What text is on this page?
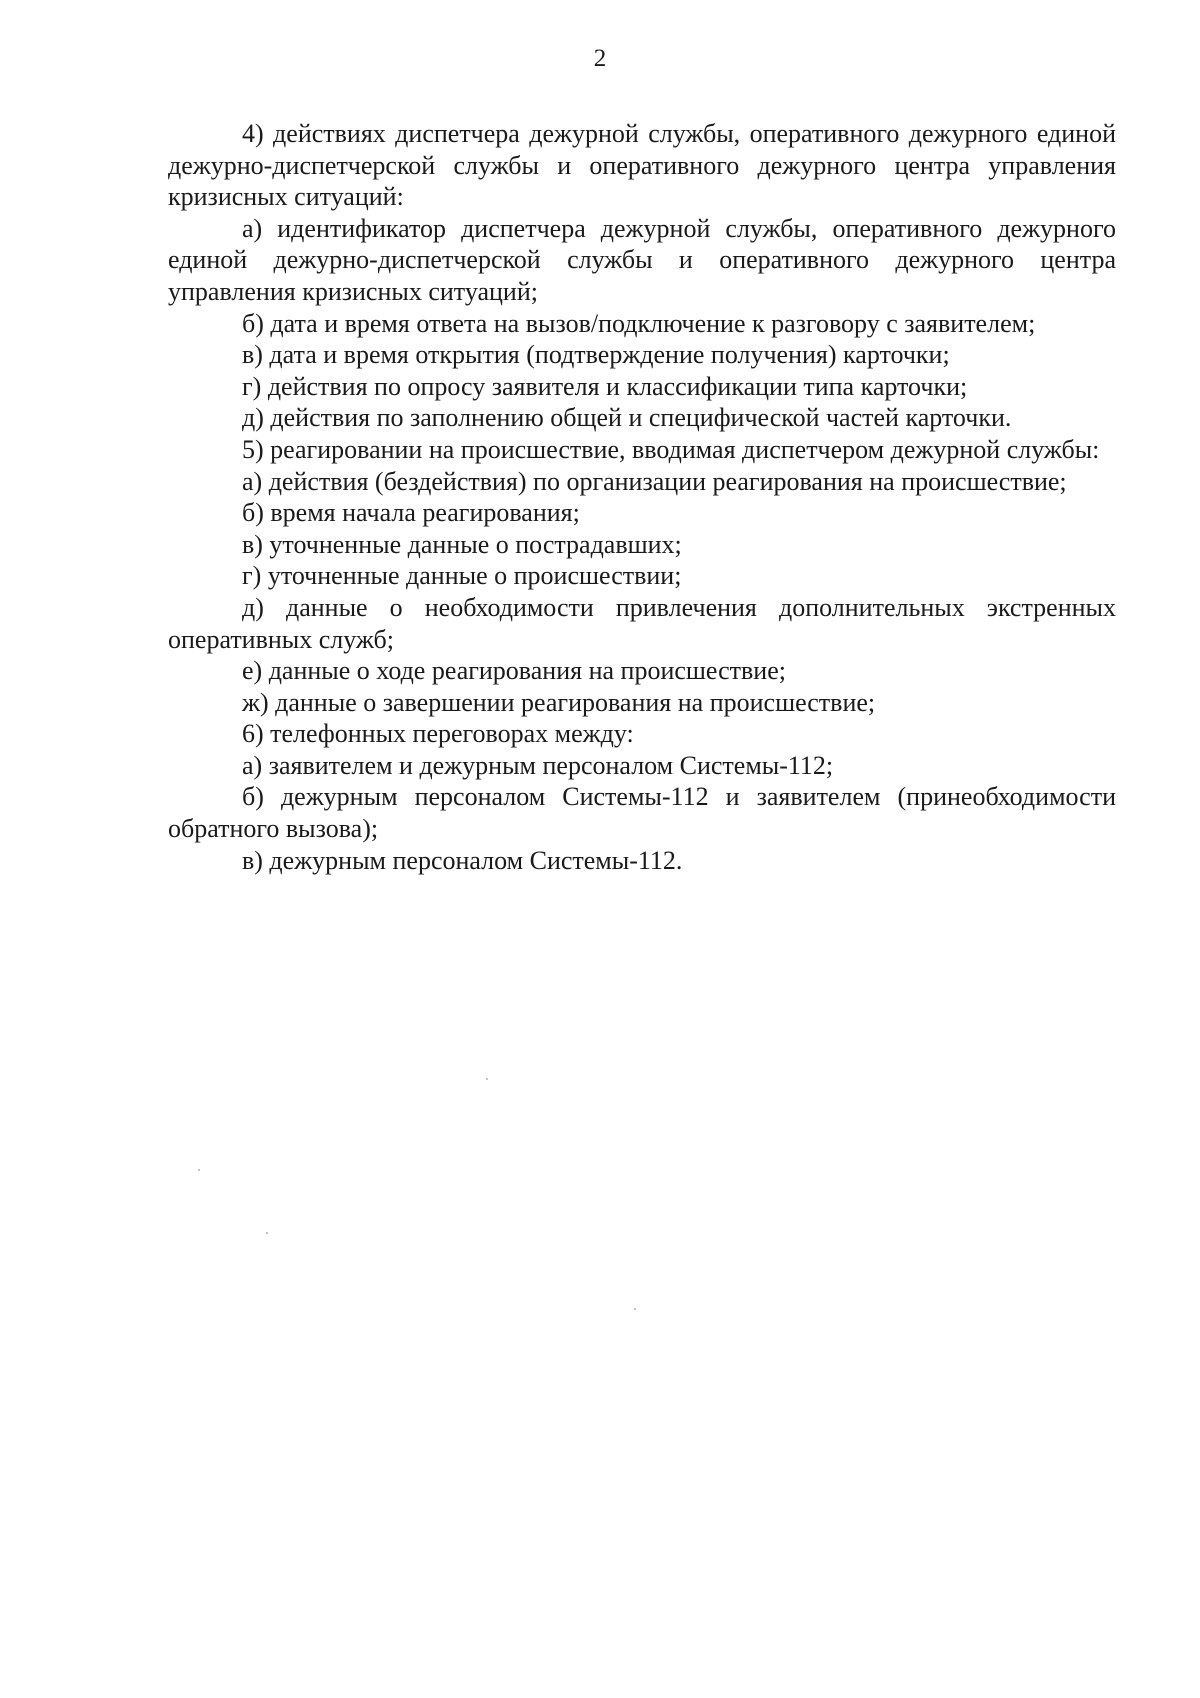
2

4) действиях диспетчера дежурной службы, оперативного дежурного единой дежурно-диспетчерской службы и оперативного дежурного центра управления кризисных ситуаций:

а) идентификатор диспетчера дежурной службы, оперативного дежурного единой дежурно-диспетчерской службы и оперативного дежурного центра управления кризисных ситуаций;

б) дата и время ответа на вызов/подключение к разговору с заявителем;

в) дата и время открытия (подтверждение получения) карточки;

г) действия по опросу заявителя и классификации типа карточки;

д) действия по заполнению общей и специфической частей карточки.

5) реагировании на происшествие, вводимая диспетчером дежурной службы:

а) действия (бездействия) по организации реагирования на происшествие;

б) время начала реагирования;

в) уточненные данные о пострадавших;

г) уточненные данные о происшествии;

д) данные о необходимости привлечения дополнительных экстренных оперативных служб;

е) данные о ходе реагирования на происшествие;

ж) данные о завершении реагирования на происшествие;

6) телефонных переговорах между:

а) заявителем и дежурным персоналом Системы-112;

б) дежурным персоналом Системы-112 и заявителем (принеобходимости обратного вызова);

в) дежурным персоналом Системы-112.
